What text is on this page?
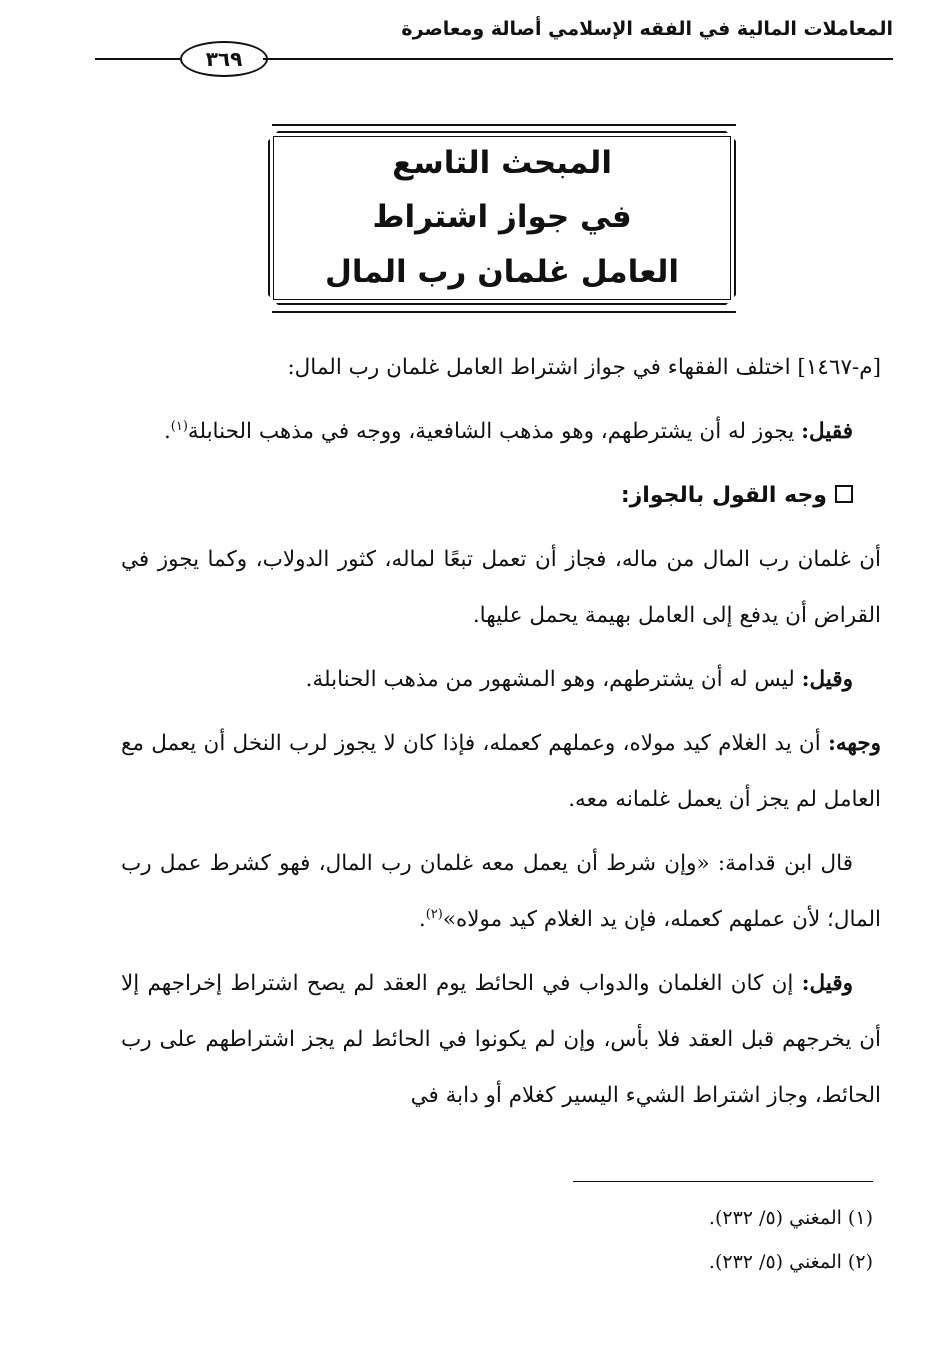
المعاملات المالية في الفقه الإسلامي أصالة ومعاصرة
٣٦٩
المبحث التاسع
في جواز اشتراط
العامل غلمان رب المال

[م-١٤٦٧] اختلف الفقهاء في جواز اشتراط العامل غلمان رب المال:

فقيل: يجوز له أن يشترطهم، وهو مذهب الشافعية، ووجه في مذهب الحنابلة$^{(١)}$.

وجه القول بالجواز:

أن غلمان رب المال من ماله، فجاز أن تعمل تبعًا لماله، كثور الدولاب، وكما يجوز في القراض أن يدفع إلى العامل بهيمة يحمل عليها.

وقيل: ليس له أن يشترطهم، وهو المشهور من مذهب الحنابلة.

وجهه: أن يد الغلام كيد مولاه، وعملهم كعمله، فإذا كان لا يجوز لرب النخل أن يعمل مع العامل لم يجز أن يعمل غلمانه معه.

قال ابن قدامة: «وإن شرط أن يعمل معه غلمان رب المال، فهو كشرط عمل رب المال؛ لأن عملهم كعمله، فإن يد الغلام كيد مولاه»$^{(٢)}$.

وقيل: إن كان الغلمان والدواب في الحائط يوم العقد لم يصح اشتراط إخراجهم إلا أن يخرجهم قبل العقد فلا بأس، وإن لم يكونوا في الحائط لم يجز اشتراطهم على رب الحائط، وجاز اشتراط الشيء اليسير كغلام أو دابة في

(١) المغني (٥/ ٢٣٢).
(٢) المغني (٥/ ٢٣٢).
